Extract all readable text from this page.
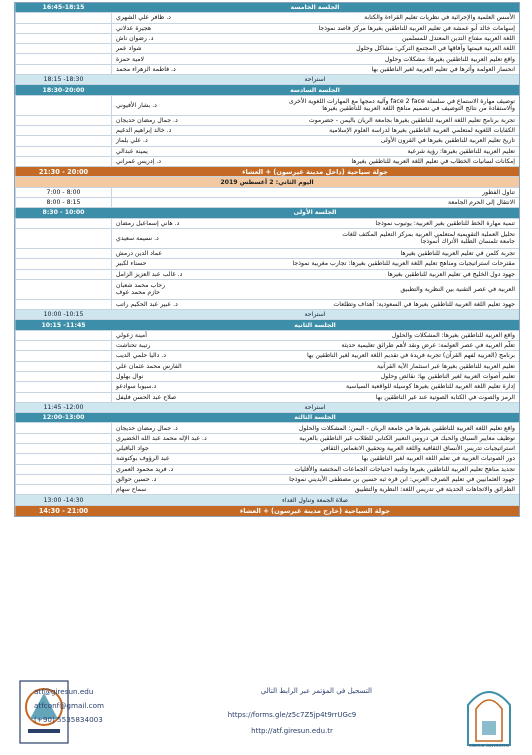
16:45-18:15	الجلسة الخامسة
د. ظافر علي الشهري	الأسس العلمية والإجرائية في نظريات تعليم القراءة والكتابة
هجيرة عدلاني	إسهامات خالد أبو عمشة في تعليم العربية للناطقين بغيرها مركز قاصد نموذجا
د. رضوان ناش	اللغة العربية مفتاح التدين المعتدل للمسلمين
شواد عمر	اللغة العربية قيمتها وآفاقها في المجتمع التركي: مشاكل وحلول
لامية حمزة	واقع تعليم العربية للناطقين بغيرها: مشكلات وحلول
د. فاطمة الزهراء محمد	انحسار العولمة وأثرها في تعليم العربية لغير الناطقين بها
18:15 -18:30	استراحة
18:30-20:00	الجلسة السادسة
د. بشار الأفيوني	توصيف مهارة الاستماع في سلسلة face 2 face وآلية دمجها مع المهارات اللغوية الأخرى
والاستفادة من نتائج التوصيف في تصميم مناهج اللغة العربية للناطقين بغيرها
د. جمال رمضان حديجان	تجربة برنامج تعليم اللغة العربية للناطقين بغيرها بجامعة الريان باليمن - حضرموت
د. خالد إبراهيم الدغيم	الكفايات اللغوية لمتعلمي العربية الناطقين بغيرها لدراسة العلوم الإسلامية
د. علي يلماز	تاريخ تعليم العربية للناطقين بغيرها في القرون الأولى
يمينة عبدالي	تعليم العربية للناطقين بغيرها: رؤية شرعية
د. إدريس عمراني	إمكانات لسانيات الخطاب في تعليم اللغة العربية للناطقين بغيرها
21:30 - 20:00	جولة سياحية (داخل مدينة غيرسون) + العشاء
اليوم الثاني: 2 أغسطس 2019
7:00 - 8:00	تناول الفطور
8:00 - 8:15	الانتقال إلى الحرم الجامعة
8:30 - 10:00	الجلسة الأولى
د. هاني إسماعيل رمضان	تنمية مهارة الخط للناطقين بغير العربية: يوتيوب نموذجا
د. نسيمة سعيدي	تحليل العملية التقويمية لمتعلمي العربية بمركز التعليم المكثف للغات
جامعة تلمسان الطلبة الأتراك أنموذجا
عماد الدين درمش	تجربة كلمن في تعليم العربية للناطقين بغيرها
حسناء لكبير	مقترحات استراتيجيات ومناهج تعليم اللغة العربية للناطقين بغيرها: تجارب مغربية نموذجا
د. غالب عبد العزيز الزامل	جهود دول الخليج في تعليم العربية للناطقين بغيرها
رحاب محمد شعبان
حازم محمد عوف	العربية في عصر التقنية بين النظرية والتطبيق
د. عبير عبد الحكيم راتب	جهود تعليم اللغة العربية للناطقين بغيرها في السعودية: أهداف وتطلعات
10:00 -10:15	استراحة
10:15 -11:45	الجلسة الثانية
أمينة زعولي	واقع العربية للناطقين بغيرها: المشكلات والحلول
رتيبة تحناشت	تعلّم العربية في عصر العولمة: عرض ونقد لأهم طرائق تعليمية حديثة
د. داليا حلمي الديب	برنامج (العربية لفهم القرآن) تجربة فريدة في تقديم اللغة العربية لغير الناطقين بها
الفارس محمد عثمان علي	تعليم العربية للناطقين بغيرها عبر استثمار الآية القرآنية
نوال بهلول	تعليم أصوات العربية لغير الناطقين بها: نقائص وحلول
د.سيوبا سوادعو	إدارة تعليم اللغة العربية للناطقين بغيرها كوسيلة للواقعية السياسية
صلاح عبد الحسن فليفل	الرمز والصوت في الكتابة الصوتية عند غير الناطقين بها
11:45 -12:00	استراحة
12:00-13:00	الجلسة الثالثة
د. جمال رمضان حديجان	واقع تعليم اللغة العربية للناطقين بغيرها في جامعة الريان - اليمن: المشكلات والحلول
د. عبد الإله محمد عبد الله الخضيري	توظيف معايير السياق والحبك في دروس التعبير الكتابي للطلاب غير الناطقين بالعربية
جواد الباقيلي	استراتيجيات تدريس الأنساق الثقافية واللغة العربية وتحقيق الانغماس الثقافي
عبد الرؤوف بوكتوشة	دور الصوتيات العربية في تعلم اللغة العربية لغير الناطقين بها
د. فريد محمود العمري	تجديد مناهج تعليم العربية للناطقين بغيرها وتلبية احتياجات الجماعات المختصة والأقليات
د. حسين حوالق	جهود العثمانيين في تعليم الصرف العربي: ابن قره ثبه حسين بن مصطفى الأيديني نموذجا
سماح سهام	الطرائق والاتجاهات الحديثة في تدريس اللغة: النظرية والتطبيق
13:00 -14:30	صلاة الجمعة وتناول الغداء
14:30 - 21:00	جولة السياحية (خارج مدينة غيرسون) + العشاء
atf@giresun.edu
atfconf@gmail.com
(+90) 5535834003
التسجيل في المؤتمر عبر الرابط التالي
https://forms.gle/z5c7Z5jp4t9rrUGc9
http://atf.giresun.edu.tr
GİRESUN ÜNİVERSİTESİ
